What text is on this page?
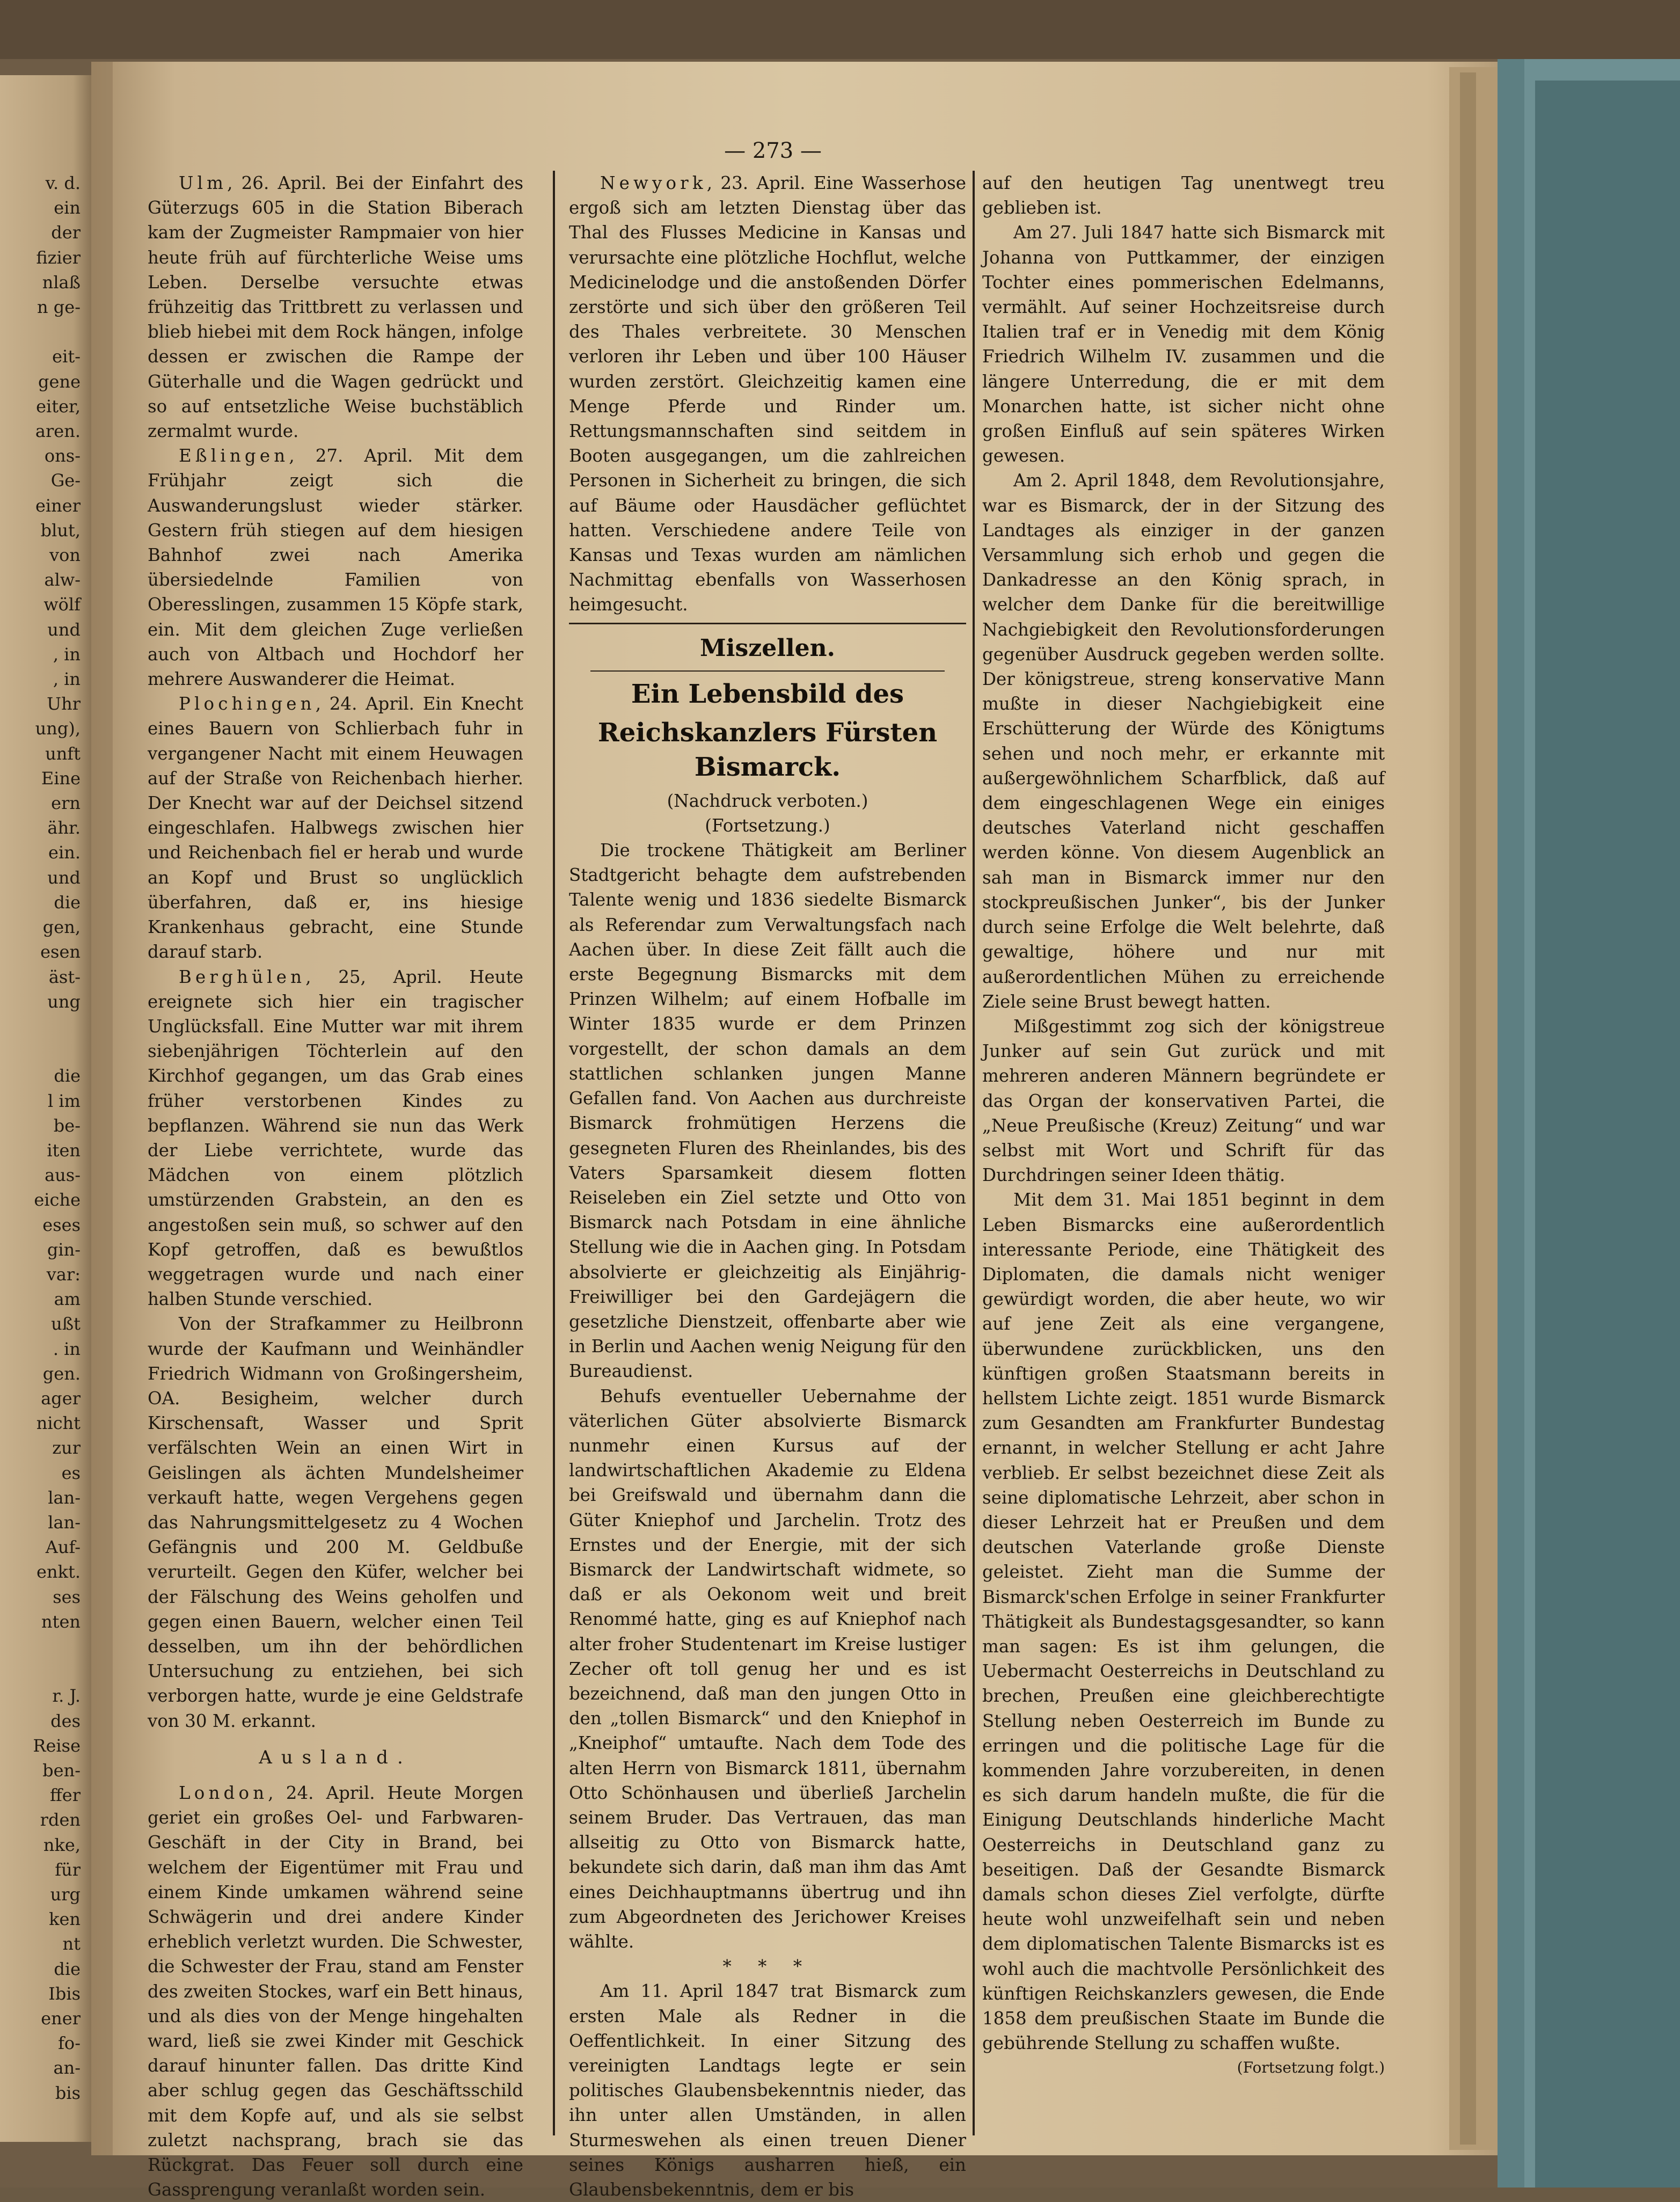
— 273 —
v. d.
ein
der
fizier
nlaß
n ge-

eit-
gene
eiter,
aren.
ons-
Ge-
einer
blut,
von
alw-
wölf
und
, in
, in
Uhr
ung),
unft
Eine
ern
ähr.
ein.
und
die
gen,
esen
äst-
ung

die
l im
be-
iten
aus-
eiche
eses
gin-
var:
am
ußt
. in
gen.
ager
nicht
zur
es
lan-
lan-
Auf-
enkt.
ses
nten

r. J.
des
Reise
ben-
ffer
rden
nke,
für
urg
ken
nt
die
Ibis
ener
fo-
an-
bis

Ulm, 26. April. Bei der Einfahrt des Güterzugs 605 in die Station Biberach kam der Zugmeister Rampmaier von hier heute früh auf fürchterliche Weise ums Leben. Derselbe versuchte etwas frühzeitig das Trittbrett zu verlassen und blieb hiebei mit dem Rock hängen, infolge dessen er zwischen die Rampe der Güterhalle und die Wagen gedrückt und so auf entsetzliche Weise buchstäblich zermalmt wurde.

Eßlingen, 27. April. Mit dem Frühjahr zeigt sich die Auswanderungslust wieder stärker. Gestern früh stiegen auf dem hiesigen Bahnhof zwei nach Amerika übersiedelnde Familien von Oberesslingen, zusammen 15 Köpfe stark, ein. Mit dem gleichen Zuge verließen auch von Altbach und Hochdorf her mehrere Auswanderer die Heimat.

Plochingen, 24. April. Ein Knecht eines Bauern von Schlierbach fuhr in vergangener Nacht mit einem Heuwagen auf der Straße von Reichenbach hierher. Der Knecht war auf der Deichsel sitzend eingeschlafen. Halbwegs zwischen hier und Reichenbach fiel er herab und wurde an Kopf und Brust so unglücklich überfahren, daß er, ins hiesige Krankenhaus gebracht, eine Stunde darauf starb.

Berghülen, 25, April. Heute ereignete sich hier ein tragischer Unglücksfall. Eine Mutter war mit ihrem siebenjährigen Töchterlein auf den Kirchhof gegangen, um das Grab eines früher verstorbenen Kindes zu bepflanzen. Während sie nun das Werk der Liebe verrichtete, wurde das Mädchen von einem plötzlich umstürzenden Grabstein, an den es angestoßen sein muß, so schwer auf den Kopf getroffen, daß es bewußtlos weggetragen wurde und nach einer halben Stunde verschied.

Von der Strafkammer zu Heilbronn wurde der Kaufmann und Weinhändler Friedrich Widmann von Großingersheim, OA. Besigheim, welcher durch Kirschensaft, Wasser und Sprit verfälschten Wein an einen Wirt in Geislingen als ächten Mundelsheimer verkauft hatte, wegen Vergehens gegen das Nahrungsmittelgesetz zu 4 Wochen Gefängnis und 200 M. Geldbuße verurteilt. Gegen den Küfer, welcher bei der Fälschung des Weins geholfen und gegen einen Bauern, welcher einen Teil desselben, um ihn der behördlichen Untersuchung zu entziehen, bei sich verborgen hatte, wurde je eine Geldstrafe von 30 M. erkannt.

Ausland.

London, 24. April. Heute Morgen geriet ein großes Oel- und Farbwaren-Geschäft in der City in Brand, bei welchem der Eigentümer mit Frau und einem Kinde umkamen während seine Schwägerin und drei andere Kinder erheblich verletzt wurden. Die Schwester, die Schwester der Frau, stand am Fenster des zweiten Stockes, warf ein Bett hinaus, und als dies von der Menge hingehalten ward, ließ sie zwei Kinder mit Geschick darauf hinunter fallen. Das dritte Kind aber schlug gegen das Geschäftsschild mit dem Kopfe auf, und als sie selbst zuletzt nachsprang, brach sie das Rückgrat. Das Feuer soll durch eine Gassprengung veranlaßt worden sein.

Newyork, 23. April. Eine Wasserhose ergoß sich am letzten Dienstag über das Thal des Flusses Medicine in Kansas und verursachte eine plötzliche Hochflut, welche Medicinelodge und die anstoßenden Dörfer zerstörte und sich über den größeren Teil des Thales verbreitete. 30 Menschen verloren ihr Leben und über 100 Häuser wurden zerstört. Gleichzeitig kamen eine Menge Pferde und Rinder um. Rettungsmannschaften sind seitdem in Booten ausgegangen, um die zahlreichen Personen in Sicherheit zu bringen, die sich auf Bäume oder Hausdächer geflüchtet hatten. Verschiedene andere Teile von Kansas und Texas wurden am nämlichen Nachmittag ebenfalls von Wasserhosen heimgesucht.

Miszellen.
Ein Lebensbild des
Reichskanzlers Fürsten Bismarck.

(Nachdruck verboten.)

(Fortsetzung.)

Die trockene Thätigkeit am Berliner Stadtgericht behagte dem aufstrebenden Talente wenig und 1836 siedelte Bismarck als Referendar zum Verwaltungsfach nach Aachen über. In diese Zeit fällt auch die erste Begegnung Bismarcks mit dem Prinzen Wilhelm; auf einem Hofballe im Winter 1835 wurde er dem Prinzen vorgestellt, der schon damals an dem stattlichen schlanken jungen Manne Gefallen fand. Von Aachen aus durchreiste Bismarck frohmütigen Herzens die gesegneten Fluren des Rheinlandes, bis des Vaters Sparsamkeit diesem flotten Reiseleben ein Ziel setzte und Otto von Bismarck nach Potsdam in eine ähnliche Stellung wie die in Aachen ging. In Potsdam absolvierte er gleichzeitig als Einjährig-Freiwilliger bei den Gardejägern die gesetzliche Dienstzeit, offenbarte aber wie in Berlin und Aachen wenig Neigung für den Bureaudienst.

Behufs eventueller Uebernahme der väterlichen Güter absolvierte Bismarck nunmehr einen Kursus auf der landwirtschaftlichen Akademie zu Eldena bei Greifswald und übernahm dann die Güter Kniephof und Jarchelin. Trotz des Ernstes und der Energie, mit der sich Bismarck der Landwirtschaft widmete, so daß er als Oekonom weit und breit Renommé hatte, ging es auf Kniephof nach alter froher Studentenart im Kreise lustiger Zecher oft toll genug her und es ist bezeichnend, daß man den jungen Otto in den „tollen Bismarck“ und den Kniephof in „Kneiphof“ umtaufte. Nach dem Tode des alten Herrn von Bismarck 1811, übernahm Otto Schönhausen und überließ Jarchelin seinem Bruder. Das Vertrauen, das man allseitig zu Otto von Bismarck hatte, bekundete sich darin, daß man ihm das Amt eines Deichhauptmanns übertrug und ihn zum Abgeordneten des Jerichower Kreises wählte.

* * *

Am 11. April 1847 trat Bismarck zum ersten Male als Redner in die Oeffentlichkeit. In einer Sitzung des vereinigten Landtags legte er sein politisches Glaubensbekenntnis nieder, das ihn unter allen Umständen, in allen Sturmeswehen als einen treuen Diener seines Königs ausharren hieß, ein Glaubensbekenntnis, dem er bis

auf den heutigen Tag unentwegt treu geblieben ist.

Am 27. Juli 1847 hatte sich Bismarck mit Johanna von Puttkammer, der einzigen Tochter eines pommerischen Edelmanns, vermählt. Auf seiner Hochzeitsreise durch Italien traf er in Venedig mit dem König Friedrich Wilhelm IV. zusammen und die längere Unterredung, die er mit dem Monarchen hatte, ist sicher nicht ohne großen Einfluß auf sein späteres Wirken gewesen.

Am 2. April 1848, dem Revolutionsjahre, war es Bismarck, der in der Sitzung des Landtages als einziger in der ganzen Versammlung sich erhob und gegen die Dankadresse an den König sprach, in welcher dem Danke für die bereitwillige Nachgiebigkeit den Revolutionsforderungen gegenüber Ausdruck gegeben werden sollte. Der königstreue, streng konservative Mann mußte in dieser Nachgiebigkeit eine Erschütterung der Würde des Königtums sehen und noch mehr, er erkannte mit außergewöhnlichem Scharfblick, daß auf dem eingeschlagenen Wege ein einiges deutsches Vaterland nicht geschaffen werden könne. Von diesem Augenblick an sah man in Bismarck immer nur den stockpreußischen Junker“, bis der Junker durch seine Erfolge die Welt belehrte, daß gewaltige, höhere und nur mit außerordentlichen Mühen zu erreichende Ziele seine Brust bewegt hatten.

Mißgestimmt zog sich der königstreue Junker auf sein Gut zurück und mit mehreren anderen Männern begründete er das Organ der konservativen Partei, die „Neue Preußische (Kreuz) Zeitung“ und war selbst mit Wort und Schrift für das Durchdringen seiner Ideen thätig.

Mit dem 31. Mai 1851 beginnt in dem Leben Bismarcks eine außerordentlich interessante Periode, eine Thätigkeit des Diplomaten, die damals nicht weniger gewürdigt worden, die aber heute, wo wir auf jene Zeit als eine vergangene, überwundene zurückblicken, uns den künftigen großen Staatsmann bereits in hellstem Lichte zeigt. 1851 wurde Bismarck zum Gesandten am Frankfurter Bundestag ernannt, in welcher Stellung er acht Jahre verblieb. Er selbst bezeichnet diese Zeit als seine diplomatische Lehrzeit, aber schon in dieser Lehrzeit hat er Preußen und dem deutschen Vaterlande große Dienste geleistet. Zieht man die Summe der Bismarck'schen Erfolge in seiner Frankfurter Thätigkeit als Bundestagsgesandter, so kann man sagen: Es ist ihm gelungen, die Uebermacht Oesterreichs in Deutschland zu brechen, Preußen eine gleichberechtigte Stellung neben Oesterreich im Bunde zu erringen und die politische Lage für die kommenden Jahre vorzubereiten, in denen es sich darum handeln mußte, die für die Einigung Deutschlands hinderliche Macht Oesterreichs in Deutschland ganz zu beseitigen. Daß der Gesandte Bismarck damals schon dieses Ziel verfolgte, dürfte heute wohl unzweifelhaft sein und neben dem diplomatischen Talente Bismarcks ist es wohl auch die machtvolle Persönlichkeit des künftigen Reichskanzlers gewesen, die Ende 1858 dem preußischen Staate im Bunde die gebührende Stellung zu schaffen wußte.

(Fortsetzung folgt.)
